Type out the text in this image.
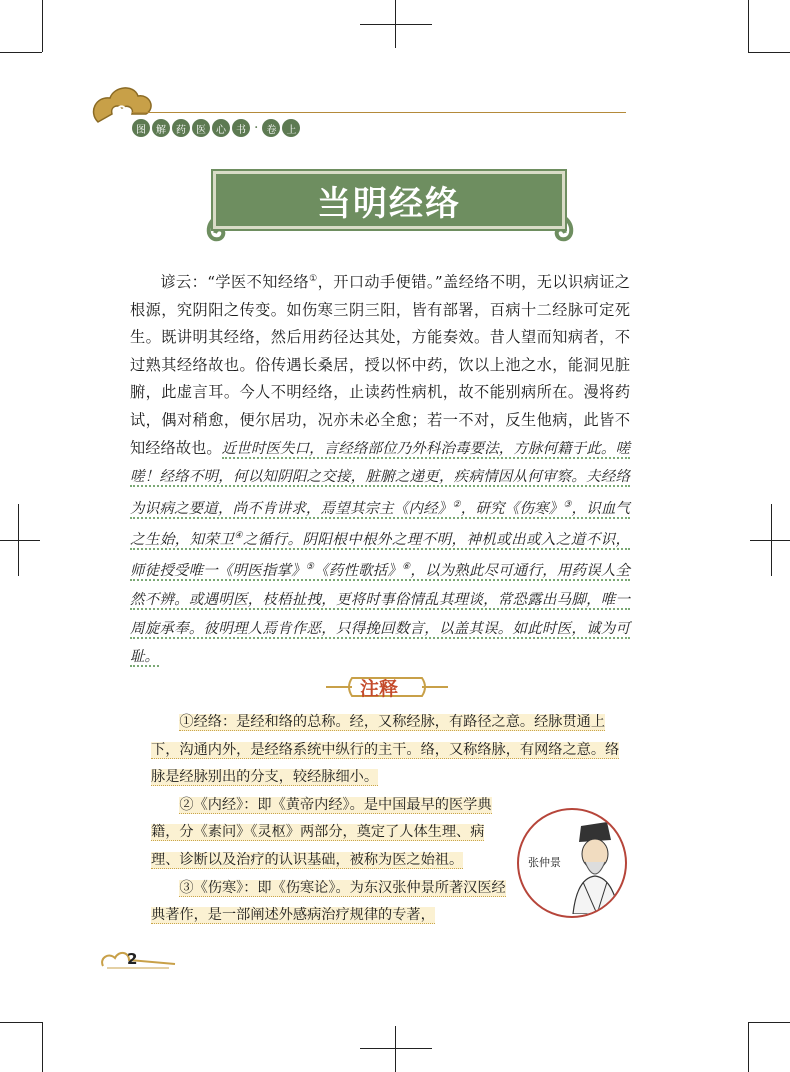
图	解	药	医	心	书 · 卷	上
当明经络

谚云：“学医不知经络①，开口动手便错。”盖经络不明，无以识病证之根源，究阴阳之传变。如伤寒三阴三阳，皆有部署，百病十二经脉可定死生。既讲明其经络，然后用药径达其处，方能奏效。昔人望而知病者，不过熟其经络故也。俗传遇长桑居，授以怀中药，饮以上池之水，能洞见脏腑，此虚言耳。今人不明经络，止读药性病机，故不能别病所在。漫将药试，偶对稍愈，便尔居功，况亦未必全愈；若一不对，反生他病，此皆不知经络故也。近世时医失口，言经络部位乃外科治毒要法，方脉何籍于此。嗟嗟！经络不明，何以知阴阳之交接，脏腑之递更，疾病情因从何审察。夫经络为识病之要道，尚不肯讲求，焉望其宗主《内经》②，研究《伤寒》③，识血气之生始，知荣卫④之循行。阴阳根中根外之理不明，神机或出或入之道不识，师徒授受唯一《明医指掌》⑤《药性歌括》⑥，以为熟此尽可通行，用药误人全然不辨。或遇明医，枝梧扯拽，更将时事俗情乱其理谈，常恐露出马脚，唯一周旋承奉。彼明理人焉肯作恶，只得挽回数言，以盖其误。如此时医，诚为可耻。

注释

①经络：是经和络的总称。经，又称经脉，有路径之意。经脉贯通上下，沟通内外，是经络系统中纵行的主干。络，又称络脉，有网络之意。络脉是经脉别出的分支，较经脉细小。

②《内经》：即《黄帝内经》。是中国最早的医学典籍，分《素问》《灵枢》两部分，奠定了人体生理、病理、诊断以及治疗的认识基础，被称为医之始祖。

③《伤寒》：即《伤寒论》。为东汉张仲景所著汉医经典著作，是一部阐述外感病治疗规律的专著，

张仲景
2
